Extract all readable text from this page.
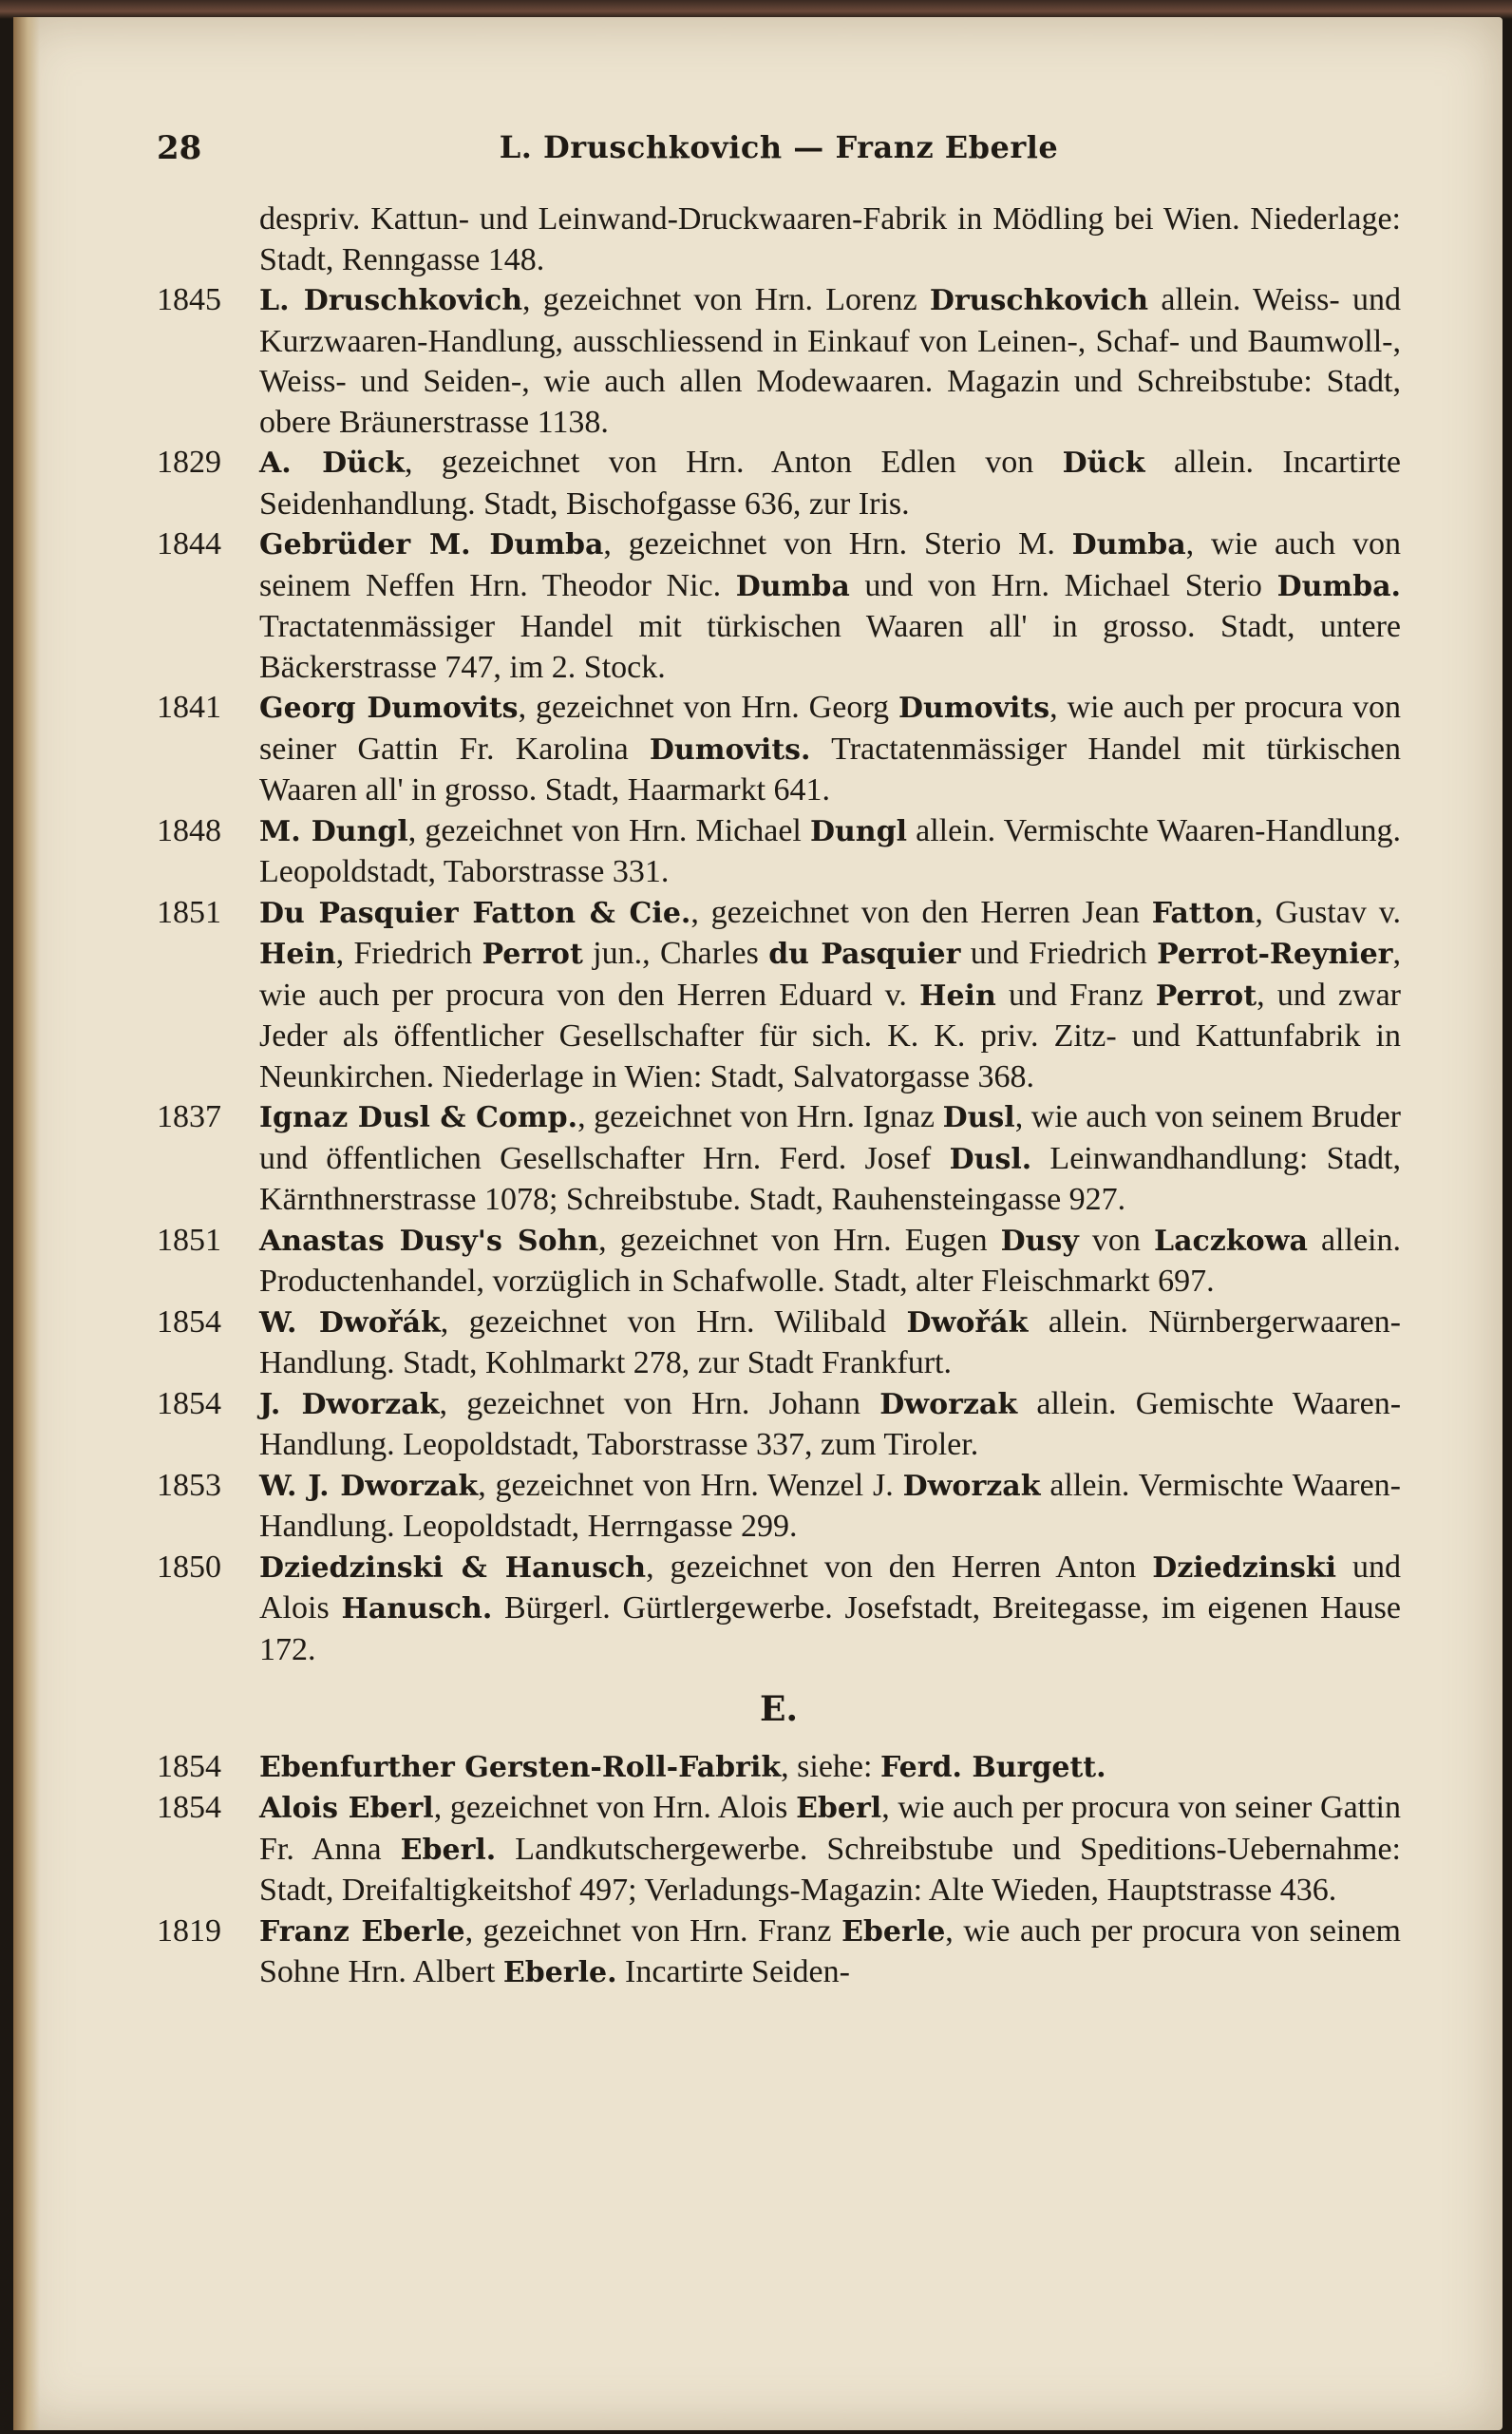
28	L. Druschkovich — Franz Eberle
despriv. Kattun- und Leinwand-Druckwaaren-Fabrik in Mödling bei Wien. Niederlage: Stadt, Renngasse 148.
1845	L. Druschkovich, gezeichnet von Hrn. Lorenz Druschkovich allein. Weiss- und Kurzwaaren-Handlung, ausschliessend in Einkauf von Leinen-, Schaf- und Baumwoll-, Weiss- und Seiden-, wie auch allen Modewaaren. Magazin und Schreibstube: Stadt, obere Bräunerstrasse 1138.
1829	A. Dück, gezeichnet von Hrn. Anton Edlen von Dück allein. Incartirte Seidenhandlung. Stadt, Bischofgasse 636, zur Iris.
1844	Gebrüder M. Dumba, gezeichnet von Hrn. Sterio M. Dumba, wie auch von seinem Neffen Hrn. Theodor Nic. Dumba und von Hrn. Michael Sterio Dumba. Tractatenmässiger Handel mit türkischen Waaren all' in grosso. Stadt, untere Bäckerstrasse 747, im 2. Stock.
1841	Georg Dumovits, gezeichnet von Hrn. Georg Dumovits, wie auch per procura von seiner Gattin Fr. Karolina Dumovits. Tractatenmässiger Handel mit türkischen Waaren all' in grosso. Stadt, Haarmarkt 641.
1848	M. Dungl, gezeichnet von Hrn. Michael Dungl allein. Vermischte Waaren-Handlung. Leopoldstadt, Taborstrasse 331.
1851	Du Pasquier Fatton & Cie., gezeichnet von den Herren Jean Fatton, Gustav v. Hein, Friedrich Perrot jun., Charles du Pasquier und Friedrich Perrot-Reynier, wie auch per procura von den Herren Eduard v. Hein und Franz Perrot, und zwar Jeder als öffentlicher Gesellschafter für sich. K. K. priv. Zitz- und Kattunfabrik in Neunkirchen. Niederlage in Wien: Stadt, Salvatorgasse 368.
1837	Ignaz Dusl & Comp., gezeichnet von Hrn. Ignaz Dusl, wie auch von seinem Bruder und öffentlichen Gesellschafter Hrn. Ferd. Josef Dusl. Leinwandhandlung: Stadt, Kärnthnerstrasse 1078; Schreibstube. Stadt, Rauhensteingasse 927.
1851	Anastas Dusy's Sohn, gezeichnet von Hrn. Eugen Dusy von Laczkowa allein. Productenhandel, vorzüglich in Schafwolle. Stadt, alter Fleischmarkt 697.
1854	W. Dwořák, gezeichnet von Hrn. Wilibald Dwořák allein. Nürnbergerwaaren-Handlung. Stadt, Kohlmarkt 278, zur Stadt Frankfurt.
1854	J. Dworzak, gezeichnet von Hrn. Johann Dworzak allein. Gemischte Waaren-Handlung. Leopoldstadt, Taborstrasse 337, zum Tiroler.
1853	W. J. Dworzak, gezeichnet von Hrn. Wenzel J. Dworzak allein. Vermischte Waaren-Handlung. Leopoldstadt, Herrngasse 299.
1850	Dziedzinski & Hanusch, gezeichnet von den Herren Anton Dziedzinski und Alois Hanusch. Bürgerl. Gürtlergewerbe. Josefstadt, Breitegasse, im eigenen Hause 172.
E.
1854	Ebenfurther Gersten-Roll-Fabrik, siehe: Ferd. Burgett.
1854	Alois Eberl, gezeichnet von Hrn. Alois Eberl, wie auch per procura von seiner Gattin Fr. Anna Eberl. Landkutschergewerbe. Schreibstube und Speditions-Uebernahme: Stadt, Dreifaltigkeitshof 497; Verladungs-Magazin: Alte Wieden, Hauptstrasse 436.
1819	Franz Eberle, gezeichnet von Hrn. Franz Eberle, wie auch per procura von seinem Sohne Hrn. Albert Eberle. Incartirte Seiden-
